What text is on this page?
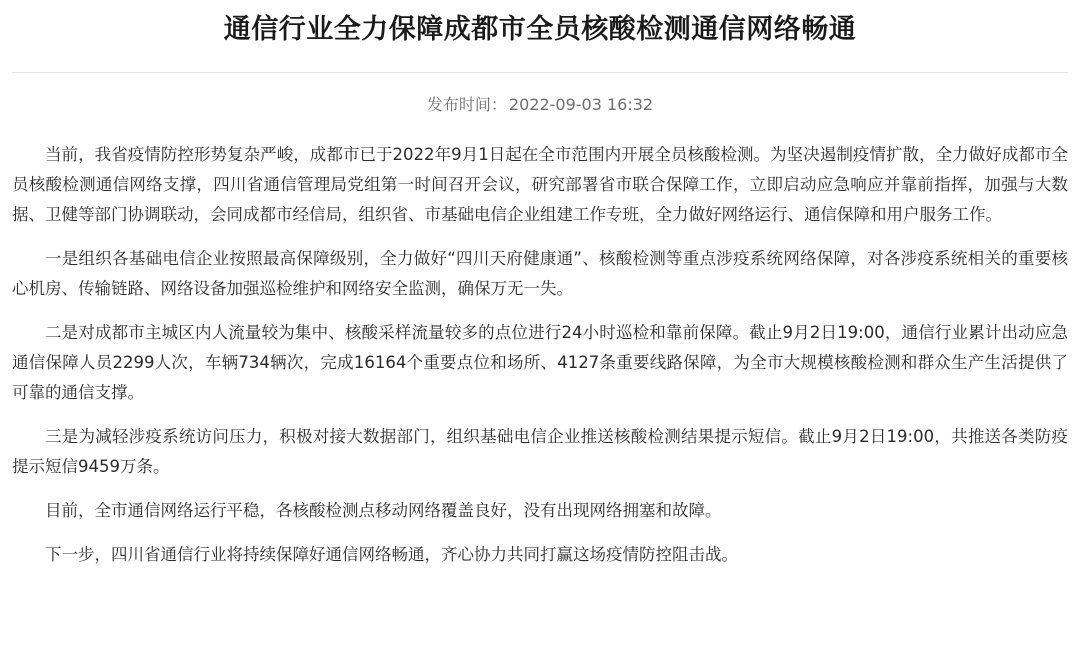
通信行业全力保障成都市全员核酸检测通信网络畅通
发布时间： 2022-09-03 16:32

当前，我省疫情防控形势复杂严峻，成都市已于2022年9月1日起在全市范围内开展全员核酸检测。为坚决遏制疫情扩散，全力做好成都市全员核酸检测通信网络支撑，四川省通信管理局党组第一时间召开会议，研究部署省市联合保障工作，立即启动应急响应并靠前指挥，加强与大数据、卫健等部门协调联动，会同成都市经信局，组织省、市基础电信企业组建工作专班，全力做好网络运行、通信保障和用户服务工作。

一是组织各基础电信企业按照最高保障级别，全力做好“四川天府健康通”、核酸检测等重点涉疫系统网络保障，对各涉疫系统相关的重要核心机房、传输链路、网络设备加强巡检维护和网络安全监测，确保万无一失。

二是对成都市主城区内人流量较为集中、核酸采样流量较多的点位进行24小时巡检和靠前保障。截止9月2日19:00，通信行业累计出动应急通信保障人员2299人次，车辆734辆次，完成16164个重要点位和场所、4127条重要线路保障，为全市大规模核酸检测和群众生产生活提供了可靠的通信支撑。

三是为减轻涉疫系统访问压力，积极对接大数据部门，组织基础电信企业推送核酸检测结果提示短信。截止9月2日19:00，共推送各类防疫提示短信9459万条。

目前，全市通信网络运行平稳，各核酸检测点移动网络覆盖良好，没有出现网络拥塞和故障。

下一步，四川省通信行业将持续保障好通信网络畅通，齐心协力共同打赢这场疫情防控阻击战。
